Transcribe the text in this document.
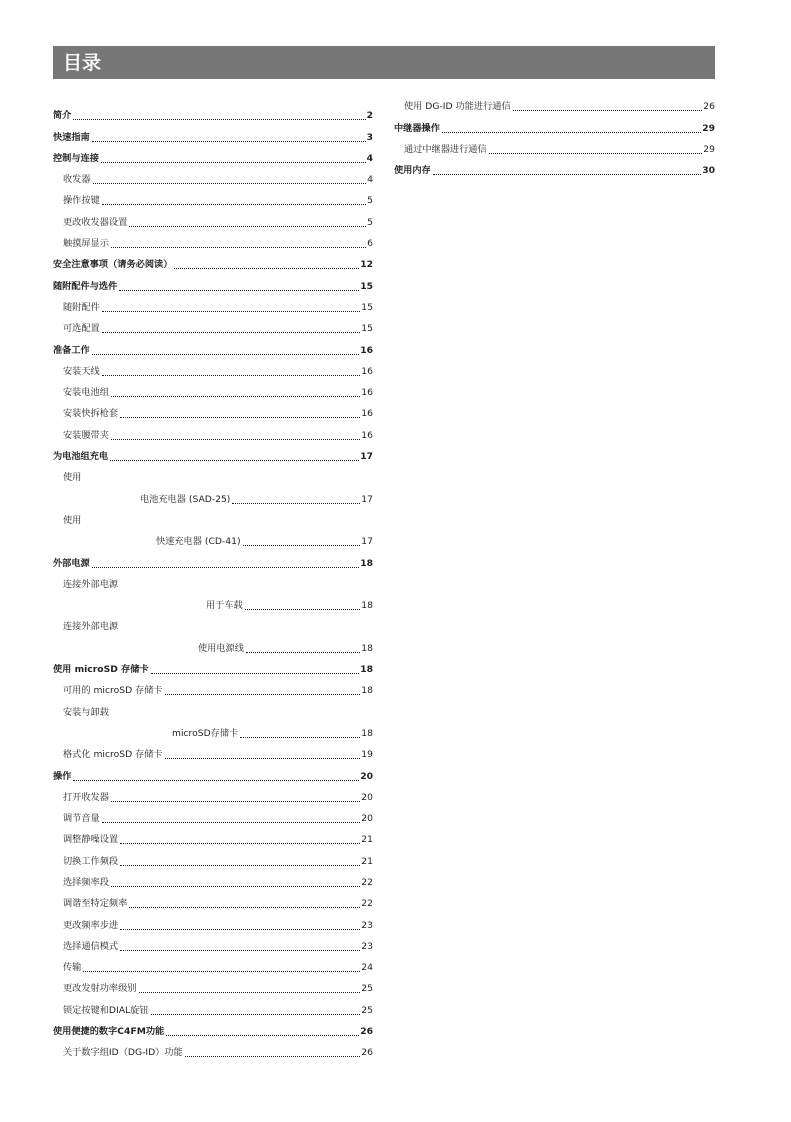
目录
简介	2
快速指南	3
控制与连接	4
收发器	4
操作按键	5
更改收发器设置	5
触摸屏显示	6
安全注意事项（请务必阅读）	12
随附配件与选件	15
随附配件	15
可选配置	15
准备工作	16
安装天线	16
安装电池组	16
安装快拆枪套	16
安装腰带夹	16
为电池组充电	17
使用
电池充电器 (SAD-25)	17
使用
快速充电器 (CD-41)	17
外部电源	18
连接外部电源
用于车载	18
连接外部电源
使用电源线	18
使用 microSD 存储卡	18
可用的 microSD 存储卡	18
安装与卸载
microSD存储卡	18
格式化 microSD 存储卡	19
操作	20
打开收发器	20
调节音量	20
调整静噪设置	21
切换工作频段	21
选择频率段	22
调谐至特定频率	22
更改频率步进	23
选择通信模式	23
传输	24
更改发射功率级别	25
锁定按键和DIAL旋钮	25
使用便捷的数字C4FM功能	26
关于数字组ID（DG-ID）功能	26
使用 DG-ID 功能进行通信	26
中继器操作	29
通过中继器进行通信	29
使用内存	30
